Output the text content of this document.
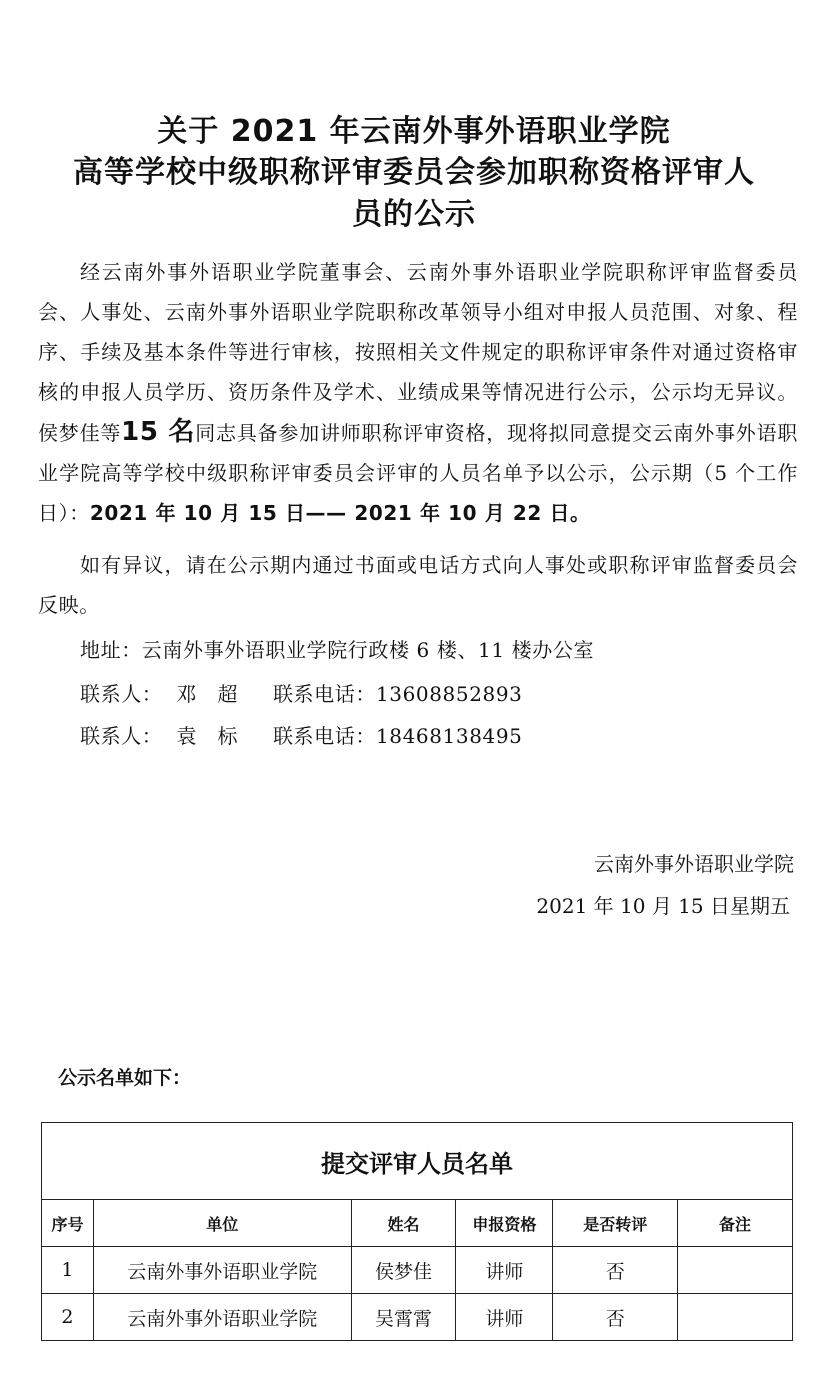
关于 2021 年云南外事外语职业学院
高等学校中级职称评审委员会参加职称资格评审人
员的公示
经云南外事外语职业学院董事会、云南外事外语职业学院职称评审监督委员会、人事处、云南外事外语职业学院职称改革领导小组对申报人员范围、对象、程序、手续及基本条件等进行审核，按照相关文件规定的职称评审条件对通过资格审核的申报人员学历、资历条件及学术、业绩成果等情况进行公示，公示均无异议。侯梦佳等15 名同志具备参加讲师职称评审资格，现将拟同意提交云南外事外语职业学院高等学校中级职称评审委员会评审的人员名单予以公示，公示期（5 个工作日）：2021 年 10 月 15 日—— 2021 年 10 月 22 日。
如有异议，请在公示期内通过书面或电话方式向人事处或职称评审监督委员会反映。
地址：云南外事外语职业学院行政楼 6 楼、11 楼办公室
联系人： 邓　超 联系电话：13608852893
联系人： 袁　标 联系电话：18468138495
云南外事外语职业学院
2021 年 10 月 15 日星期五
公示名单如下：
提交评审人员名单					
序号	单位	姓名	申报资格	是否转评	备注
1	云南外事外语职业学院	侯梦佳	讲师	否	
2	云南外事外语职业学院	吴霄霄	讲师	否	
